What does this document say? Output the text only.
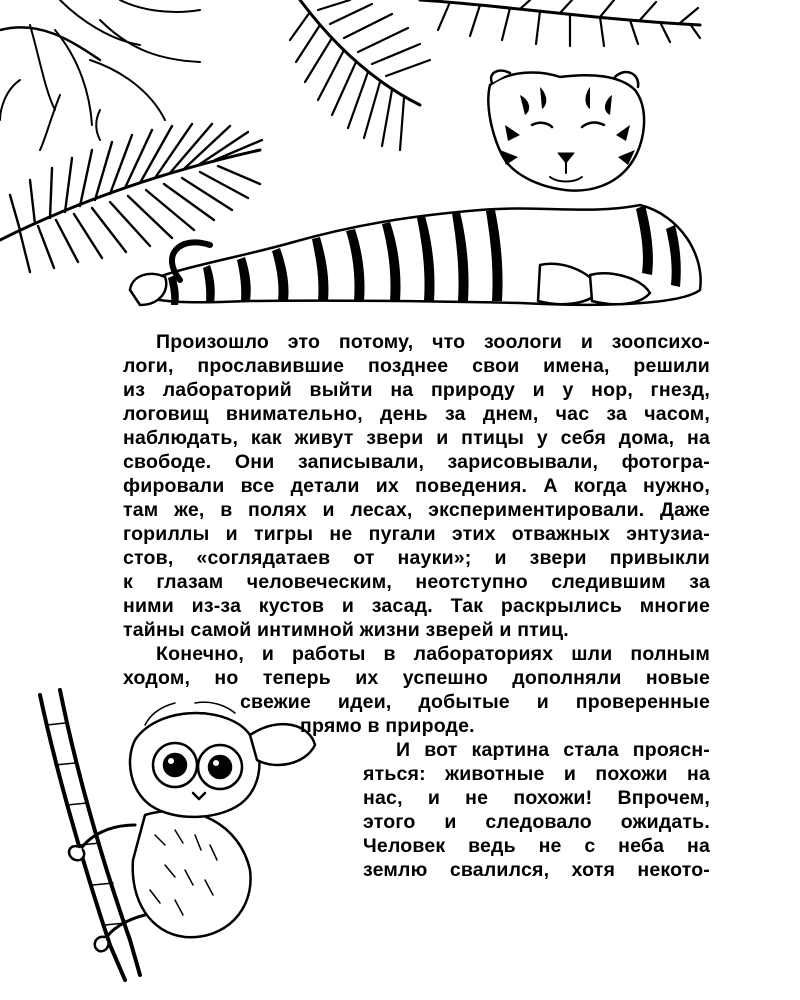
Произошло это потому, что зоологи и зоопсихо-
логи, прославившие позднее свои имена, решили
из лабораторий выйти на природу и у нор, гнезд,
логовищ внимательно, день за днем, час за часом,
наблюдать, как живут звери и птицы у себя дома, на
свободе. Они записывали, зарисовывали, фотогра-
фировали все детали их поведения. А когда нужно,
там же, в полях и лесах, экспериментировали. Даже
гориллы и тигры не пугали этих отважных энтузиа-
стов, «соглядатаев от науки»; и звери привыкли
к глазам человеческим, неотступно следившим за
ними из-за кустов и засад. Так раскрылись многие
тайны самой интимной жизни зверей и птиц.
Конечно, и работы в лабораториях шли полным
ходом, но теперь их успешно дополняли новые
свежие идеи, добытые и проверенные
прямо в природе.
И вот картина стала проясн-
яться: животные и похожи на
нас, и не похожи! Впрочем,
этого и следовало ожидать.
Человек ведь не с неба на
землю свалился, хотя некото-
